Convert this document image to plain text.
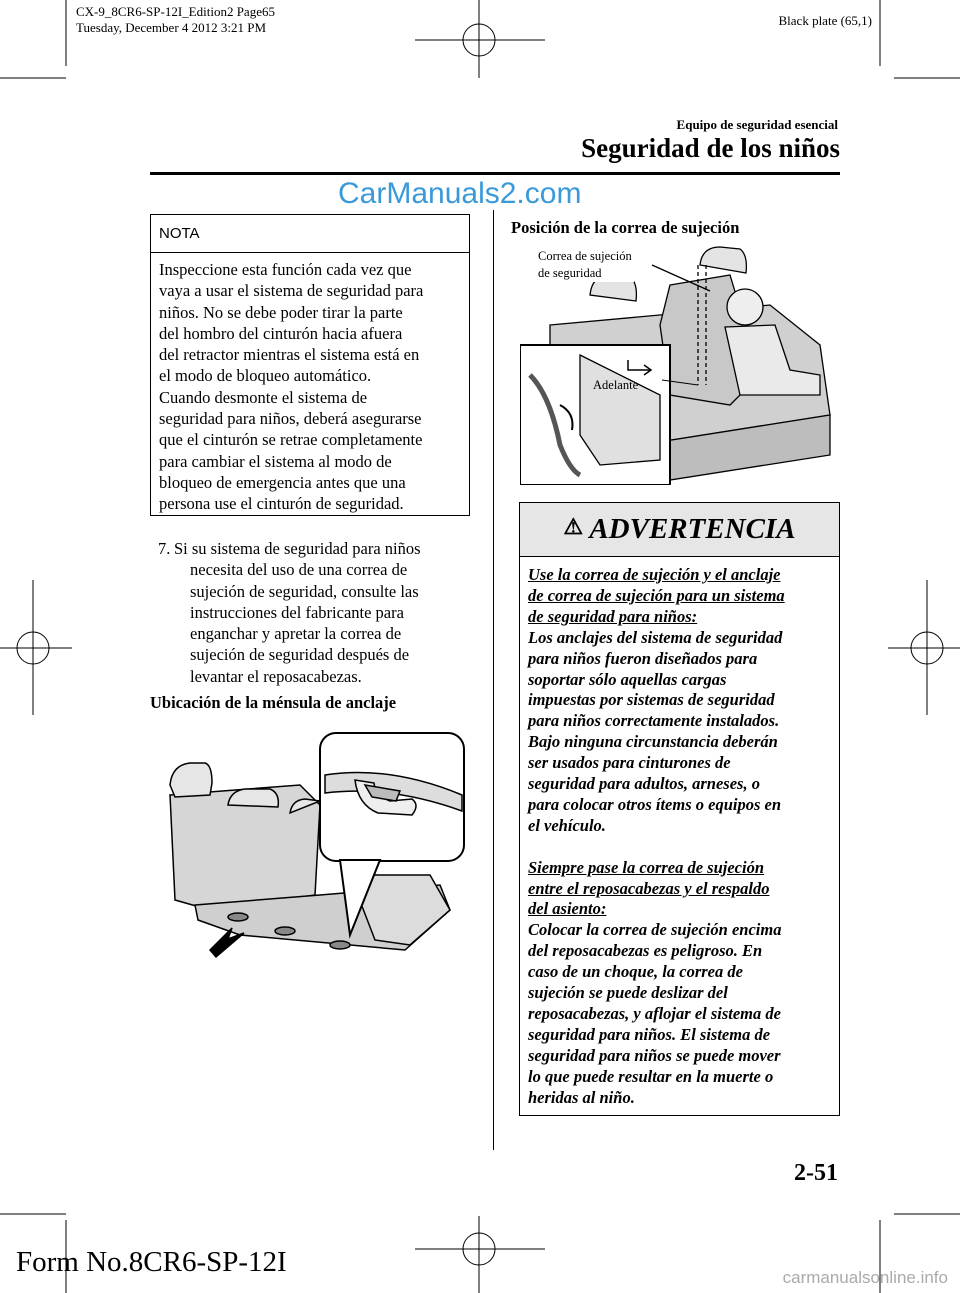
CX-9_8CR6-SP-12I_Edition2 Page65
Tuesday, December 4 2012 3:21 PM	Black plate (65,1)
Equipo de seguridad esencial
Seguridad de los niños
CarManuals2.com
NOTA
Inspeccione esta función cada vez que
vaya a usar el sistema de seguridad para
niños. No se debe poder tirar la parte
del hombro del cinturón hacia afuera
del retractor mientras el sistema está en
el modo de bloqueo automático.
Cuando desmonte el sistema de
seguridad para niños, deberá asegurarse
que el cinturón se retrae completamente
para cambiar el sistema al modo de
bloqueo de emergencia antes que una
persona use el cinturón de seguridad.
7. Si su sistema de seguridad para niños
necesita del uso de una correa de
sujeción de seguridad, consulte las
instrucciones del fabricante para
enganchar y apretar la correa de
sujeción de seguridad después de
levantar el reposacabezas.
Ubicación de la ménsula de anclaje
Posición de la correa de sujeción
Correa de sujeción
de seguridad
Adelante
⚠ ADVERTENCIA

Use la correa de sujeción y el anclaje

de correa de sujeción para un sistema

de seguridad para niños:

Los anclajes del sistema de seguridad

para niños fueron diseñados para

soportar sólo aquellas cargas

impuestas por sistemas de seguridad

para niños correctamente instalados.

Bajo ninguna circunstancia deberán

ser usados para cinturones de

seguridad para adultos, arneses, o

para colocar otros ítems o equipos en

el vehículo.

Siempre pase la correa de sujeción

entre el reposacabezas y el respaldo

del asiento:

Colocar la correa de sujeción encima

del reposacabezas es peligroso. En

caso de un choque, la correa de

sujeción se puede deslizar del

reposacabezas, y aflojar el sistema de

seguridad para niños. El sistema de

seguridad para niños se puede mover

lo que puede resultar en la muerte o

heridas al niño.

2-51
Form No.8CR6-SP-12I	carmanualsonline.info
